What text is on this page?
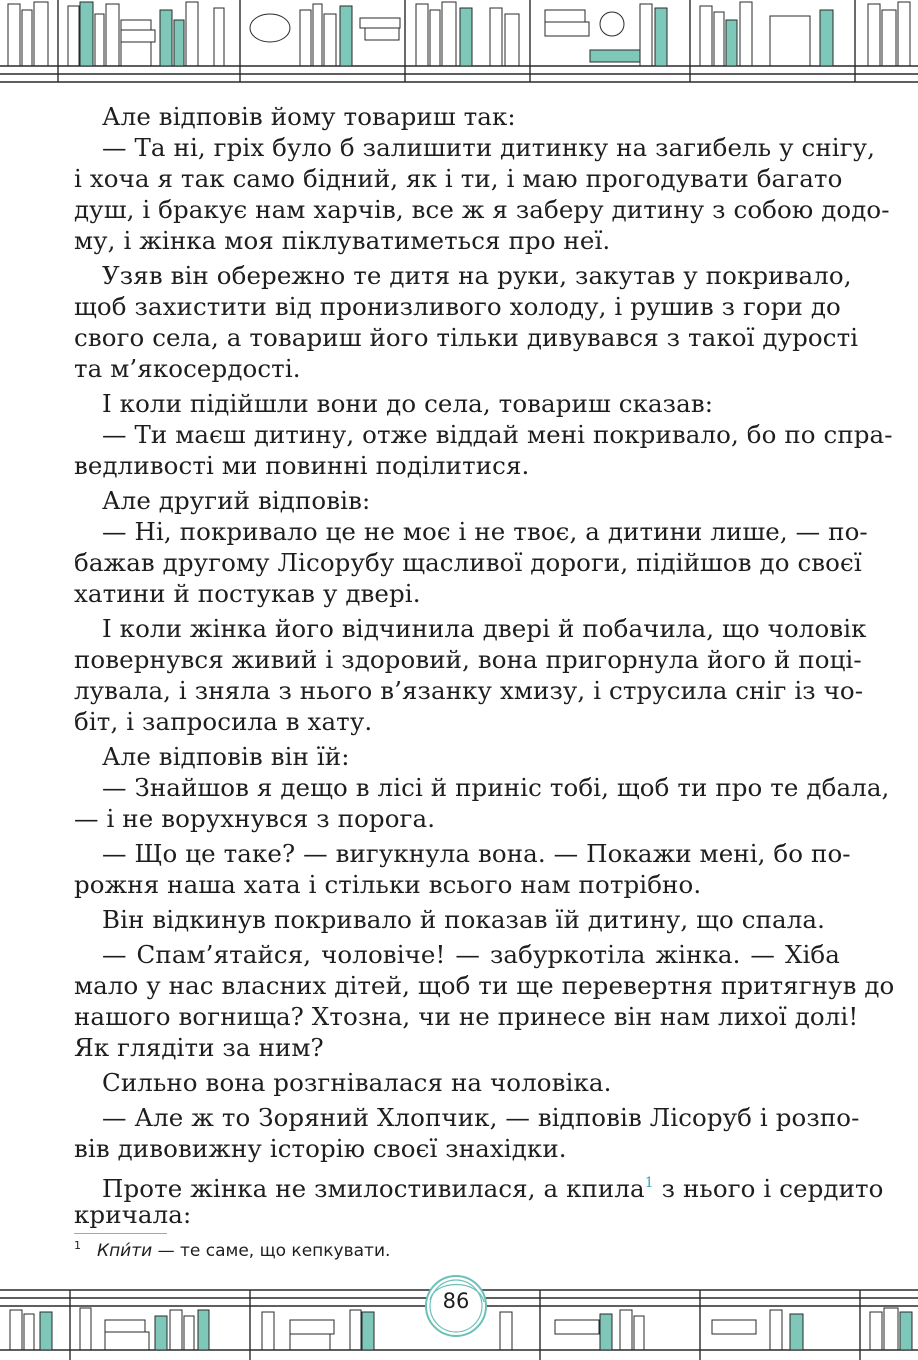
Але відповів йому товариш так:
— Та ні, гріх було б залишити дитинку на загибель у снігу,
і хоча я так само бідний, як і ти, і маю прогодувати багато
душ, і бракує нам харчів, все ж я заберу дитину з собою додо-
му, і жінка моя піклуватиметься про неї.
Узяв він обережно те дитя на руки, закутав у покривало,
щоб захистити від пронизливого холоду, і рушив з гори до
свого села, а товариш його тільки дивувався з такої дурості
та м’якосердості.
І коли підійшли вони до села, товариш сказав:
— Ти маєш дитину, отже віддай мені покривало, бо по спра-
ведливості ми повинні поділитися.
Але другий відповів:
— Ні, покривало це не моє і не твоє, а дитини лише, — по-
бажав другому Лісорубу щасливої дороги, підійшов до своєї
хатини й постукав у двері.
І коли жінка його відчинила двері й побачила, що чоловік
повернувся живий і здоровий, вона пригорнула його й поці-
лувала, і зняла з нього в’язанку хмизу, і струсила сніг із чо-
біт, і запросила в хату.
Але відповів він їй:
— Знайшов я дещо в лісі й приніс тобі, щоб ти про те дбала,
— і не ворухнувся з порога.
— Що це таке? — вигукнула вона. — Покажи мені, бо по-
рожня наша хата і стільки всього нам потрібно.
Він відкинув покривало й показав їй дитину, що спала.
— Спам’ятайся, чоловіче! — забуркотіла жінка. — Хіба
мало у нас власних дітей, щоб ти ще перевертня притягнув до
нашого вогнища? Хтозна, чи не принесе він нам лихої долі!
Як глядіти за ним?
Сильно вона розгнівалася на чоловіка.
— Але ж то Зоряний Хлопчик, — відповів Лісоруб і розпо-
вів дивовижну історію своєї знахідки.
Проте жінка не змилостивилася, а кпила$^1$ з нього і сердито
кричала:
$^1$ Кпи́ти — те саме, що кепкувати.
86
